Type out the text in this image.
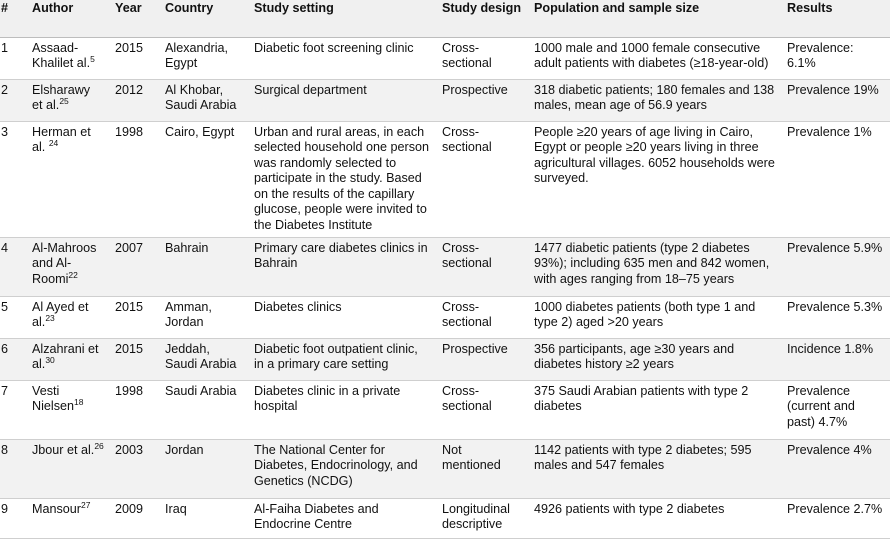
#	Author	Year	Country	Study setting	Study design	Population and sample size	Results
1	Assaad-Khalilet al.$^5$	2015	Alexandria, Egypt	Diabetic foot screening clinic	Cross-sectional	1000 male and 1000 female consecutive adult patients with diabetes (≥18-year-old)	Prevalence: 6.1%
2	Elsharawy et al.$^{25}$	2012	Al Khobar, Saudi Arabia	Surgical department	Prospective	318 diabetic patients; 180 females and 138 males, mean age of 56.9 years	Prevalence 19%
3	Herman et al. $^{24}$	1998	Cairo, Egypt	Urban and rural areas, in each selected household one person was randomly selected to participate in the study. Based on the results of the capillary glucose, people were invited to the Diabetes Institute	Cross-sectional	People ≥20 years of age living in Cairo, Egypt or people ≥20 years living in three agricultural villages. 6052 households were surveyed.	Prevalence 1%
4	Al-Mahroos and Al-Roomi$^{22}$	2007	Bahrain	Primary care diabetes clinics in Bahrain	Cross-sectional	1477 diabetic patients (type 2 diabetes 93%); including 635 men and 842 women, with ages ranging from 18–75 years	Prevalence 5.9%
5	Al Ayed et al.$^{23}$	2015	Amman, Jordan	Diabetes clinics	Cross-sectional	1000 diabetes patients (both type 1 and type 2) aged >20 years	Prevalence 5.3%
6	Alzahrani et al.$^{30}$	2015	Jeddah, Saudi Arabia	Diabetic foot outpatient clinic, in a primary care setting	Prospective	356 participants, age ≥30 years and diabetes history ≥2 years	Incidence 1.8%
7	Vesti Nielsen$^{18}$	1998	Saudi Arabia	Diabetes clinic in a private hospital	Cross-sectional	375 Saudi Arabian patients with type 2 diabetes	Prevalence (current and past) 4.7%
8	Jbour et al.$^{26}$	2003	Jordan	The National Center for Diabetes, Endocrinology, and Genetics (NCDG)	Not mentioned	1142 patients with type 2 diabetes; 595 males and 547 females	Prevalence 4%
9	Mansour$^{27}$	2009	Iraq	Al-Faiha Diabetes and Endocrine Centre	Longitudinal descriptive	4926 patients with type 2 diabetes	Prevalence 2.7%
